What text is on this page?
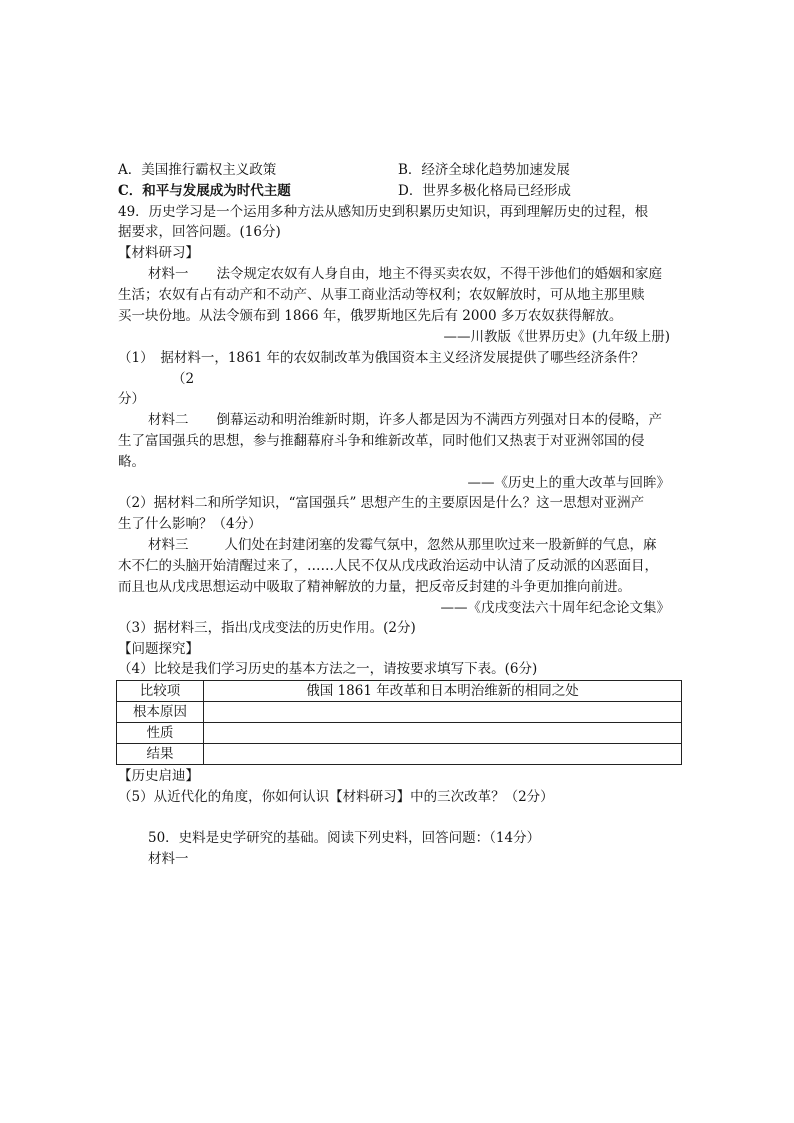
A．美国推行霸权主义政策	B．经济全球化趋势加速发展
C．和平与发展成为时代主题	D．世界多极化格局已经形成
49．历史学习是一个运用多种方法从感知历史到积累历史知识，再到理解历史的过程，根
据要求，回答问题。(16分)
【材料研习】
材料一 法令规定农奴有人身自由，地主不得买卖农奴，不得干涉他们的婚姻和家庭
生活；农奴有占有动产和不动产、从事工商业活动等权利；农奴解放时，可从地主那里赎
买一块份地。从法令颁布到 1866 年，俄罗斯地区先后有 2000 多万农奴获得解放。
——川教版《世界历史》(九年级上册)
（1）　据材料一，1861 年的农奴制改革为俄国资本主义经济发展提供了哪些经济条件？
（2
分）
材料二 倒幕运动和明治维新时期，许多人都是因为不满西方列强对日本的侵略，产
生了富国强兵的思想，参与推翻幕府斗争和维新改革，同时他们又热衷于对亚洲邻国的侵
略。
——《历史上的重大改革与回眸》
（2）据材料二和所学知识，“富国强兵” 思想产生的主要原因是什么？这一思想对亚洲产
生了什么影响？（4分）
材料三	人们处在封建闭塞的发霉气氛中，忽然从那里吹过来一股新鲜的气息，麻
木不仁的头脑开始清醒过来了，……人民不仅从戊戌政治运动中认清了反动派的凶恶面目，
而且也从戊戌思想运动中吸取了精神解放的力量，把反帝反封建的斗争更加推向前进。
——《戊戌变法六十周年纪念论文集》
（3）据材料三，指出戊戌变法的历史作用。(2分)
【问题探究】
（4）比较是我们学习历史的基本方法之一，请按要求填写下表。(6分)
比较项	俄国 1861 年改革和日本明治维新的相同之处
根本原因	
性质	
结果	
【历史启迪】
（5）从近代化的角度，你如何认识【材料研习】中的三次改革？（2分）
50．史料是史学研究的基础。阅读下列史料，回答问题：（14分）
材料一
